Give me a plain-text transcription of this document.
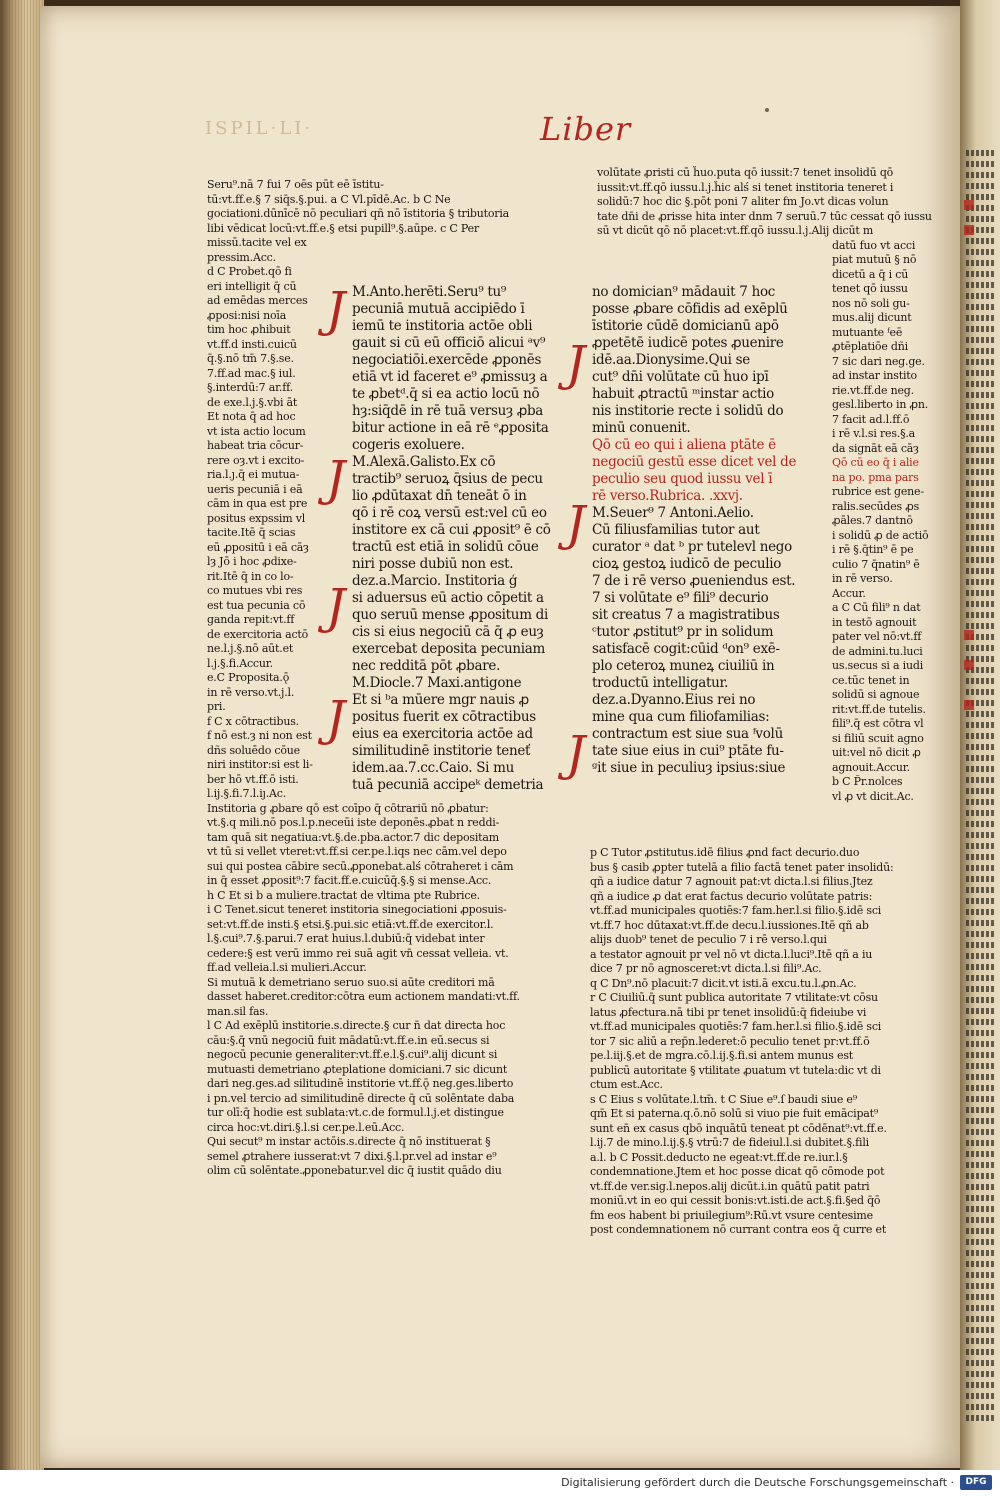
ISPIL·LI·	Liber
Seru⁹.nā 7 fui 7 oēs pūt eē īstitu-
tū:vt.ff.e.§ 7 siq̄s.§.pui. a C Vl.pīdē.Ac. b C Ne
gociationi.dūnīcē nō peculiari qñ nō īstitoria § tributoria
libi vēdicat locū:vt.ff.e.§ etsi pupill⁹.§.aūpe. c C Per
missū.tacite vel ex
pressim.Acc.
d C Probet.qō fi
eri intelligit q̄ cū
ad emēdas merces
ꝓposi:nisi noīa
tim hoc ꝓhibuit
vt.ff.d insti.cuicū
q̄.§.nō tm̄ 7.§.se.
7.ff.ad mac.§ iul.
§.interdū:7 ar.ff.
de exe.l.j.§.vbi āt
Et nota q̄ ad hoc
vt ista actio locum
habeat tria cōcur-
rere oȝ.vt i excito-
ria.l.ȷ.q̄ ei mutua-
ueris pecuniā i eā
cām in qua est pre
positus expssim vl
tacite.Itē q̄ scias
eū ꝓpositū i eā cāȝ
lȝ Jō i hoc ꝓdixe-
rit.Itē q̄ in co lo-
co mutues vbi res
est tua pecunia cō
ganda repit:vt.ff
de exercitoria actō
ne.l.j.§.nō aūt.et
l.j.§.fi.Accur.
e.C Proposita.ǭ
in rē verso.vt.j.l.
pri.
f C x cōtractibus.
f nō est.ȝ ni non est
dñs soluēdo cōue
niri institor:si est li-
ber hō vt.ff.ō isti.
l.ij.§.fi.7.l.iȷ.Ac.
Institoria g ꝓbare qō est coīpo q̄ cōtrariū nō ꝓbatur:
vt.§.q mili.nō pos.l.p.neceūi iste deponēs.ꝓbat n reddi-
tam quā sit negatiua:vt.§.de.pba.actor.7 dic depositam
vt tū si vellet vteret:vt.ff.si cer.pe.l.iqs nec cām.vel depo
sui qui postea cābire secū.ꝓponebat.alś cōtraheret i cām
in q̄ esset ꝓposit⁹:7 facit.ff.e.cuicūq̄.§.§ si mense.Acc.
h C Et si b a muliere.tractat de vltima pte Rubrice.
i C Tenet.sicut teneret institoria sinegociationi ꝓposuis-
set:vt.ff.de insti.§ etsi.§.pui.sic etiā:vt.ff.de exercitor.l.
l.§.cui⁹.7.§.parui.7 erat huius.l.dubiū:q̄ videbat inter
cedere:§ est verū immo rei suā agit vn̄ cessat velleia. vt.
ff.ad velleia.l.si mulieri.Accur.
Si mutuā k demetriano seruo suo.si aūte creditori mā
dasset haberet.creditor:cōtra eum actionem mandati:vt.ff.
man.sil fas.
l C Ad exēplū institorie.s.directe.§ cur n̄ dat directa hoc
cāu:§.q̄ vnū negociū fuit mādatū:vt.ff.e.in eū.secus si
negocū pecunie generaliter:vt.ff.e.l.§.cui⁹.alij dicunt si
mutuasti demetriano ꝓteplatione domiciani.7 sic dicunt
dari neg.ges.ad silitudinē institorie vt.ff.ǭ neg.ges.liberto
i pn.vel tercio ad similitudinē directe q̄ cū solēntate daba
tur olī:q̄ hodie est sublata:vt.c.de formul.l.j.et distingue
circa hoc:vt.diri.§.l.si cer.pe.l.eū.Acc.
Qui secut⁹ m instar actōis.s.directe q̄ nō instituerat §
semel ꝓtrahere iusserat:vt 7 dixi.§.l.pr.vel ad instar e⁹
olim cū solēntate.ꝓponebatur.vel dic q̄ iustit quādo diu
M.Anto.herēti.Seru⁹ tu⁹
pecuniā mutuā accipiēdo ī
iemū te institoria actōe obli
gauit si cū eū officiō alicui ᵃv⁹
negociatiōi.exercēde ꝓponēs
etiā vt id faceret e⁹ ꝓmissuȝ a
te ꝓbetᵈ.q̄ si ea actio locū nō
hȝ:siq̄dē in rē tuā versuȝ ꝓba
bitur actione in eā rē ᵉꝓposita
cogeris exoluere.
M.Alexā.Galisto.Ex cō
tractib⁹ seruoꝝ q̄sius de pecu
lio ꝓdūtaxat dn̄ teneāt ō in
qō i rē coꝝ versū est:vel cū eo
institore ex cā cui ꝓposit⁹ ē cō
tractū est etiā in solidū cōue
niri posse dubiū non est.
dez.a.Marcio. Institoria ģ
si aduersus eū actio cōpetit a
quo seruū mense ꝓpositum di
cis si eius negociū cā q̄ ꝓ euȝ
exercebat deposita pecuniam
nec redditā pōt ꝓbare.
M.Diocle.7 Maxi.antigone
Et si ᵇa mūere mgr nauis ꝓ
positus fuerit ex cōtractibus
eius ea exercitoria actōe ad
similitudinē institorie teneť
idem.aa.7.cc.Caio. Si mu
tuā pecuniā accipeᵏ demetria
no domician⁹ mādauit 7 hoc
posse ꝓbare cōfidis ad exēplū
īstitorie cūdē domicianū apō
ꝓpetētē iudicē potes ꝓuenire
idē.aa.Dionysime.Qui se
cut⁹ dn̄i volūtate cū ĥuo ipī
habuit ꝓtractū ᵐinstar actio
nis institorie recte i solidū do
minū conuenit.
Qō cū eo qui i aliena ptāte ē
negociū gestū esse dicet vel de
peculio seu quod iussu vel ī
rē verso.Rubrica. .xxvj.
M.Seuer⁹ 7 Antoni.Aelio.
Cū filiusfamilias tutor aut
curator ᵃ dat ᵇ pr tutelevl nego
cioꝝ gestoꝝ iudicō de peculio
7 de i rē verso ꝓueniendus est.
7 si volūtate e⁹ fili⁹ decurio
sit creatus 7 a magistratibus
ᶜtutor ꝓstitut⁹ pr in solidum
satisfacē cogit:cūid ᵈon⁹ exē-
plo ceteroꝝ muneꝝ ciuiliū in
troductū intelligatur.
dez.a.Dyanno.Eius rei no
mine qua cum filiofamilias:
contractum est siue sua ᶠvolū
tate siue eius in cui⁹ ptāte fu-
ᵍit siue in peculiuȝ ipsius:siue
volūtate ꝓristi cū ĥuo.puta qō iussit:7 tenet insolidū qō
iussit:vt.ff.qō iussu.l.j.ĥic alś si tenet institoria teneret i
solidū:7 hoc dic §.pōt poni 7 aliter fm Jo.vt dicas volun
tate dn̄i de ꝓrisse hita inter dnm 7 seruū.7 tūc cessat qō iussu
sū vt dicūt qō nō placet:vt.ff.qō iussu.l.j.Alij dicūt m
datū fuo vt acci
piat mutuū § nō
dicetū a q̄ i cū
tenet qō iussu
nos nō soli gu-
mus.alij dicunt
mutuante ᶠeē
ꝓtēplatiōe dñi
7 sic dari neg.ge.
ad instar instito
rie.vt.ff.de neg.
gesl.liberto in ꝓn.
7 facit ad.l.ff.ō
i rē v.l.si res.§.a
da signāt eā cāȝ
Qō cū eo q̄ i alie
na po. pma pars
rubrice est gene-
ralis.secūdes ꝓs
ꝓāles.7 dantnō
i solidū ꝓ de actiō
i rē §.q̄tin⁹ ē pe
culio 7 q̄natin⁹ ē
in rē verso.
Accur.
a C Cū fili⁹ n dat
in testō agnouit
pater vel nō:vt.ff
de admini.tu.luci
us.secus si a iudi
ce.tūc tenet in
solidū si agnoue
rit:vt.ff.de tutelis.
fili⁹.q̄ est cōtra vl
si filiū scuit agno
uit:vel nō dicit ꝓ
agnouit.Accur.
b C P̄r.nolces
vl ꝓ vt dicit.Ac.
p C Tutor ꝓstitutus.idē filius ꝓnd fact decurio.duo
bus § casib ꝓpter tutelā a filio factā tenet pater insolidū:
qñ a iudice datur 7 agnouit pat:vt dicta.l.si filius.Jtez
qñ a iudice ꝓ dat erat factus decurio volūtate patris:
vt.ff.ad municipales quotiēs:7 fam.her.l.si filio.§.idē sci
vt.ff.7 hoc dūtaxat:vt.ff.de decu.l.iussiones.Itē qñ ab
alijs duob⁹ tenet de peculio 7 i rē verso.l.qui
a testator agnouit pr vel nō vt dicta.l.luci⁹.Itē qñ a iu
dice 7 pr nō agnosceret:vt dicta.l.si fili⁹.Ac.
q C Dn⁹.nō placuit:7 dicit.vt isti.ā excu.tu.l.ꝓn.Ac.
r C Ciuiliū.q̄ sunt publica autoritate 7 vtilitate:vt cōsu
latus ꝓfectura.nā tibi pr tenet insolidū:q̄ fideiube vi
vt.ff.ad municipales quotiēs:7 fam.her.l.si filio.§.idē sci
tor 7 sic aliū a rep̄n.lederet:ō peculio tenet pr:vt.ff.ō
pe.l.iij.§.et de mgra.cō.l.ij.§.fi.si antem munus est
publicū autoritate § vtilitate ꝓuatum vt tutela:dic vt di
ctum est.Acc.
s C Eius s volūtate.l.tm̄. t C Siue e⁹.ſ baudi siue e⁹
qm̄ Et si paterna.q.ō.nō solū si viuo pie fuit emācipat⁹
sunt en̄ ex casus qbō inquātū teneat pt cōdēnat⁹:vt.ff.e.
l.ij.7 de mino.l.ij.§.§ vtrū:7 de fideiul.l.si dubitet.§.fili
a.l. b C Possit.deducto ne egeat:vt.ff.de re.iur.l.§
condemnatione.Jtem et hoc posse dicat qō cōmode pot
vt.ff.de ver.sig.l.nepos.alij dicūt.i.in quātū patit patri
moniū.vt in eo qui cessit bonis:vt.isti.de act.§.fi.§ed q̄ō
fm eos habent bi priuilegium⁹:Rū.vt vsure centesime
post condemnationem nō currant contra eos q̄ curre et
J
J
J
J
J
J
J
Digitalisierung gefördert durch die Deutsche Forschungsgemeinschaft ·	DFG
